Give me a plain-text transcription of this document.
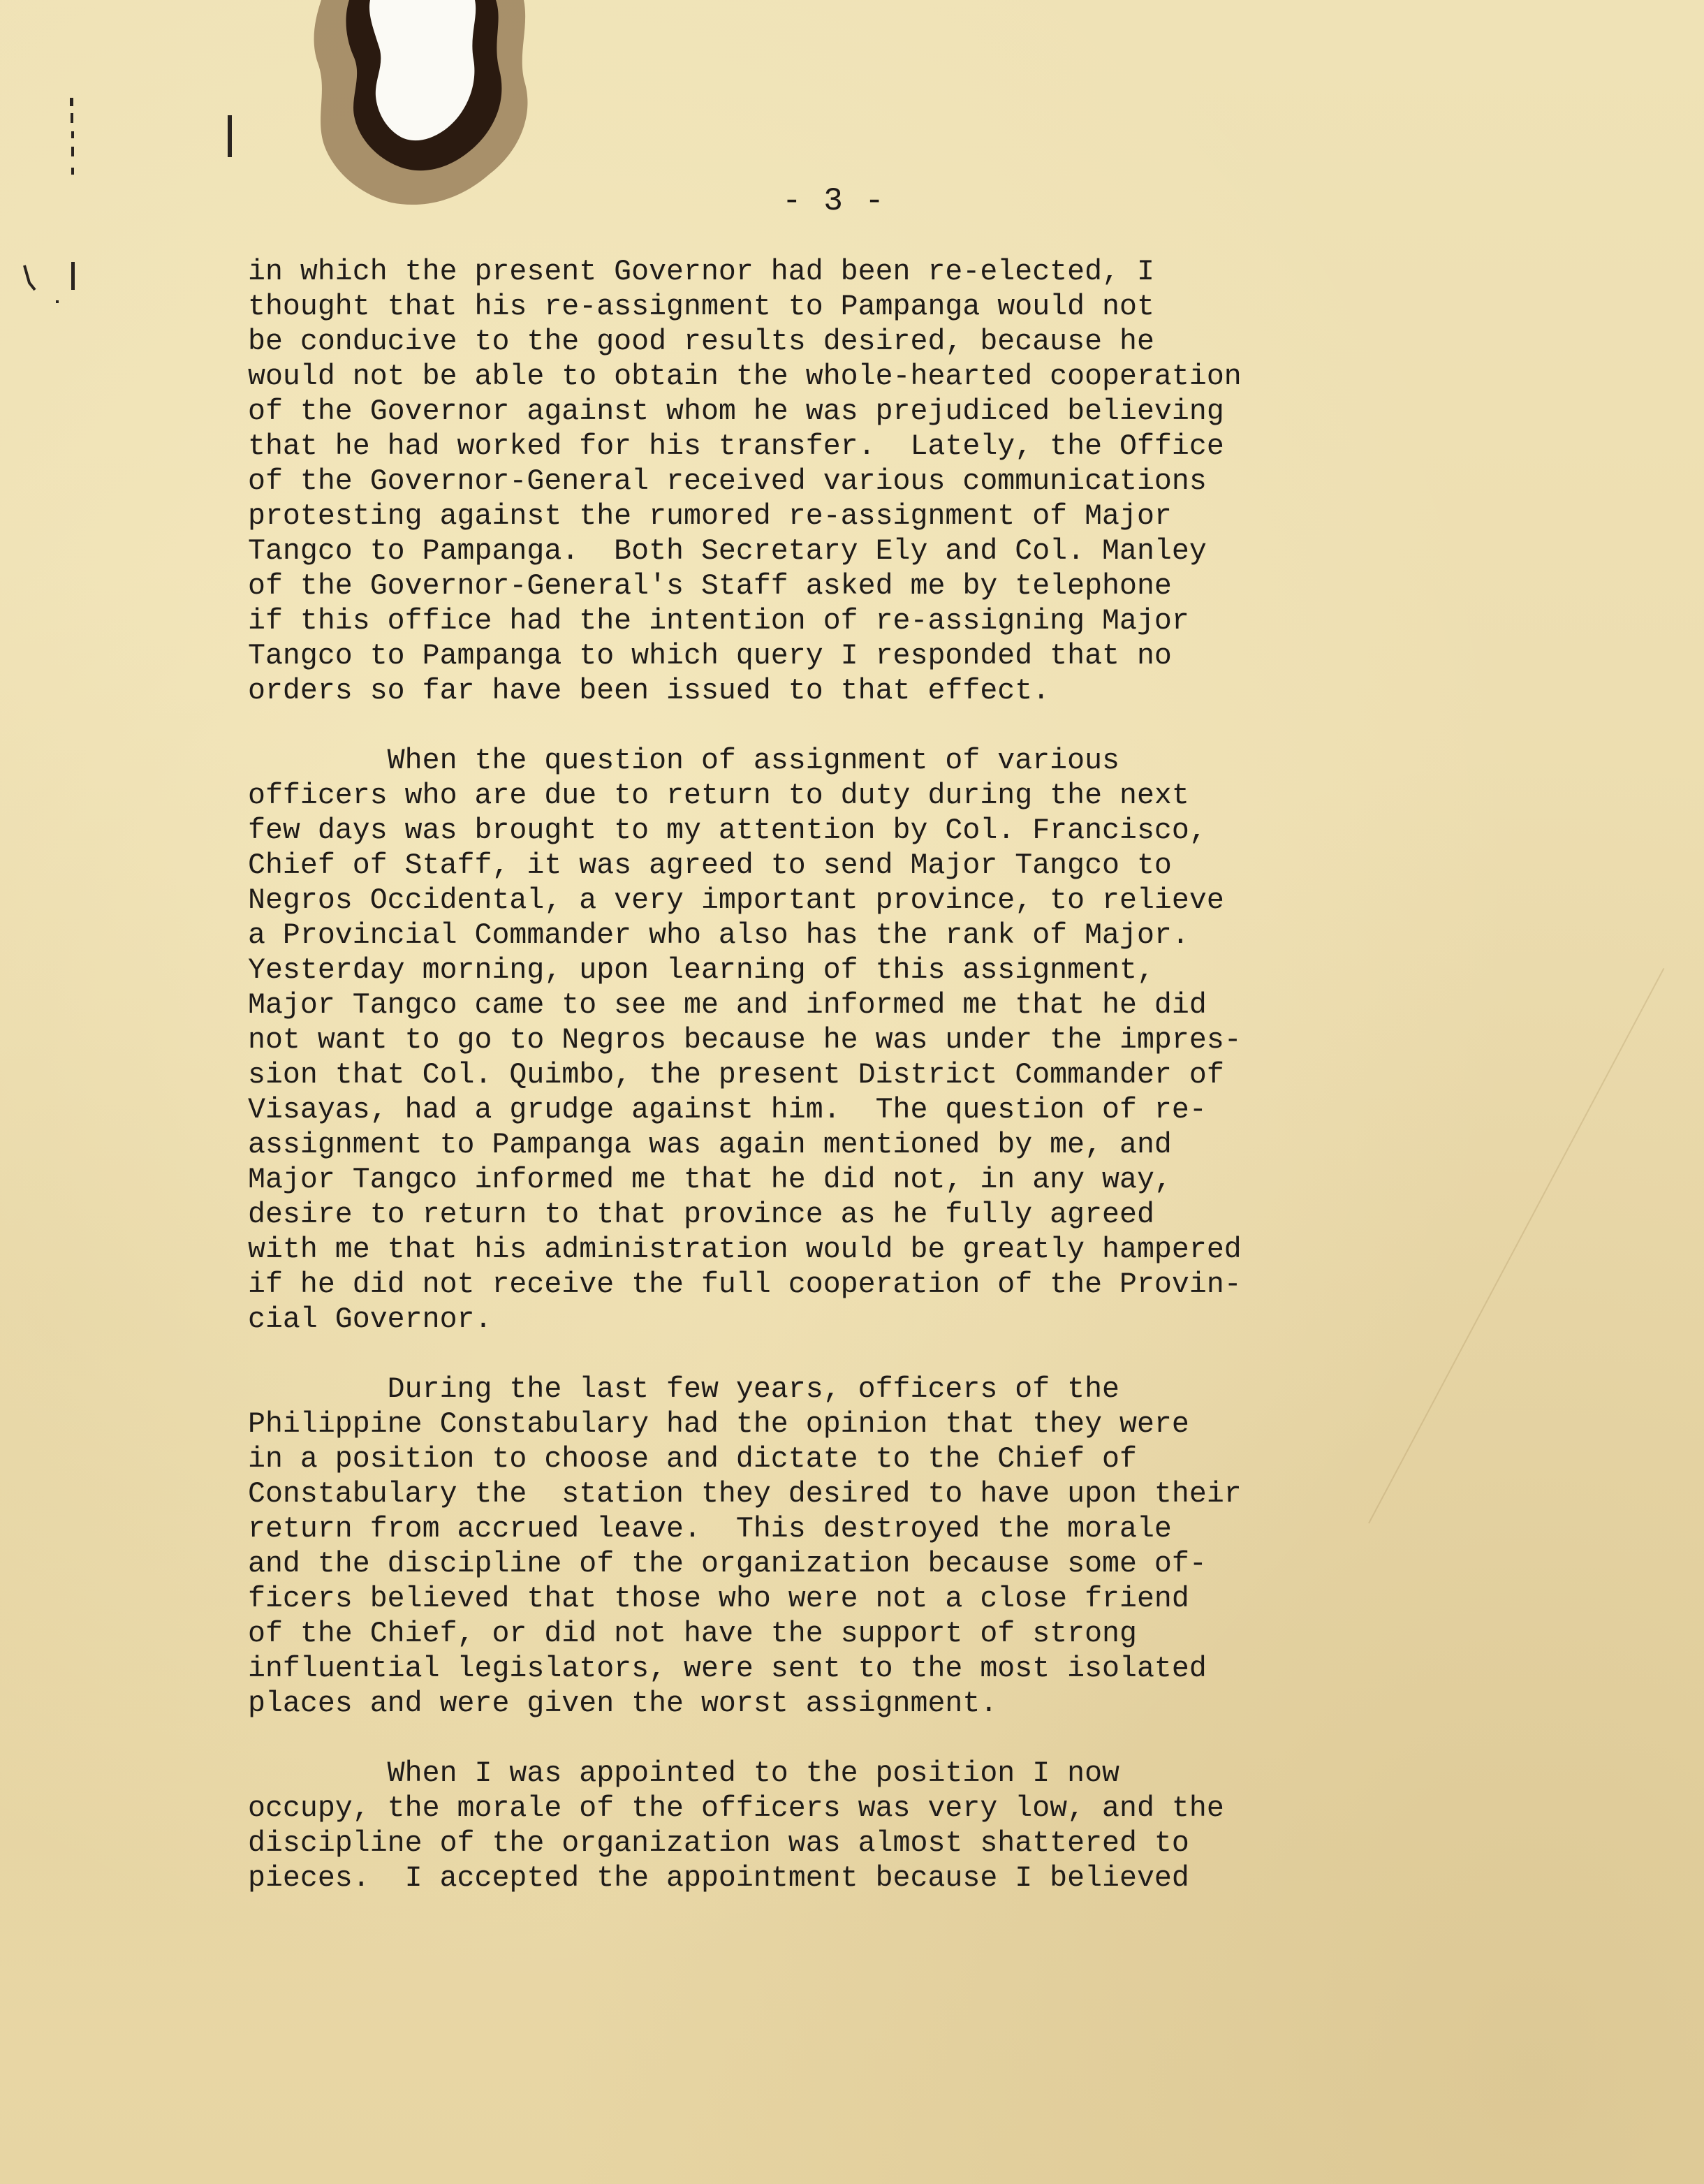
- 3 -
in which the present Governor had been re-elected, I
thought that his re-assignment to Pampanga would not
be conducive to the good results desired, because he
would not be able to obtain the whole-hearted cooperation
of the Governor against whom he was prejudiced believing
that he had worked for his transfer.  Lately, the Office
of the Governor-General received various communications
protesting against the rumored re-assignment of Major
Tangco to Pampanga.  Both Secretary Ely and Col. Manley
of the Governor-General's Staff asked me by telephone
if this office had the intention of re-assigning Major
Tangco to Pampanga to which query I responded that no
orders so far have been issued to that effect.
When the question of assignment of various
officers who are due to return to duty during the next
few days was brought to my attention by Col. Francisco,
Chief of Staff, it was agreed to send Major Tangco to
Negros Occidental, a very important province, to relieve
a Provincial Commander who also has the rank of Major.
Yesterday morning, upon learning of this assignment,
Major Tangco came to see me and informed me that he did
not want to go to Negros because he was under the impres-
sion that Col. Quimbo, the present District Commander of
Visayas, had a grudge against him.  The question of re-
assignment to Pampanga was again mentioned by me, and
Major Tangco informed me that he did not, in any way,
desire to return to that province as he fully agreed
with me that his administration would be greatly hampered
if he did not receive the full cooperation of the Provin-
cial Governor.
During the last few years, officers of the
Philippine Constabulary had the opinion that they were
in a position to choose and dictate to the Chief of
Constabulary the  station they desired to have upon their
return from accrued leave.  This destroyed the morale
and the discipline of the organization because some of-
ficers believed that those who were not a close friend
of the Chief, or did not have the support of strong
influential legislators, were sent to the most isolated
places and were given the worst assignment.
When I was appointed to the position I now
occupy, the morale of the officers was very low, and the
discipline of the organization was almost shattered to
pieces.  I accepted the appointment because I believed
